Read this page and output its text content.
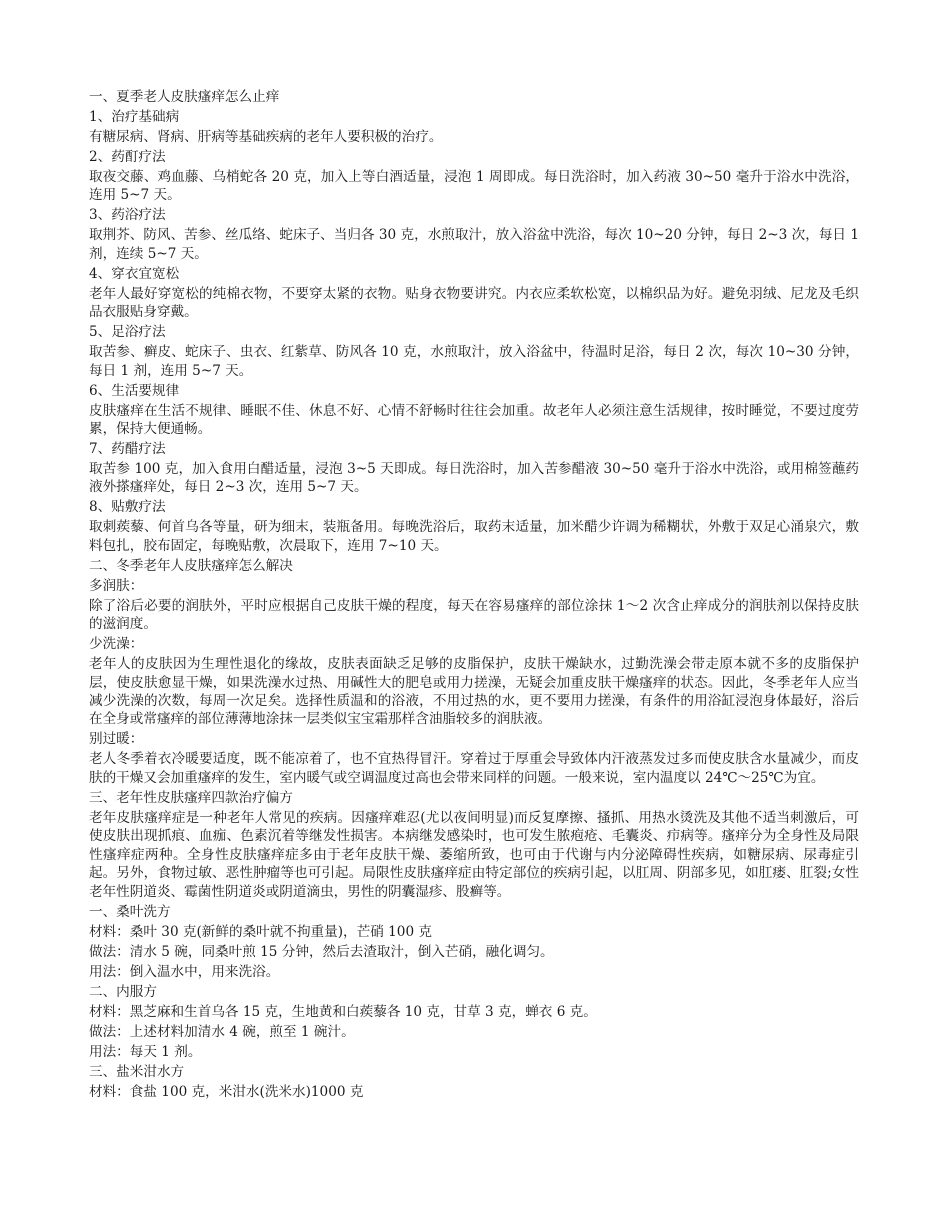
一、夏季老人皮肤瘙痒怎么止痒

1、治疗基础病

有糖尿病、肾病、肝病等基础疾病的老年人要积极的治疗。

2、药酊疗法

取夜交藤、鸡血藤、乌梢蛇各 20 克，加入上等白酒适量，浸泡 1 周即成。每日洗浴时，加入药液 30~50 毫升于浴水中洗浴，连用 5~7 天。

3、药浴疗法

取荆芥、防风、苦参、丝瓜络、蛇床子、当归各 30 克，水煎取汁，放入浴盆中洗浴，每次 10~20 分钟，每日 2~3 次，每日 1 剂，连续 5~7 天。

4、穿衣宜宽松

老年人最好穿宽松的纯棉衣物，不要穿太紧的衣物。贴身衣物要讲究。内衣应柔软松宽，以棉织品为好。避免羽绒、尼龙及毛织品衣服贴身穿戴。

5、足浴疗法

取苦参、癣皮、蛇床子、虫衣、红紫草、防风各 10 克，水煎取汁，放入浴盆中，待温时足浴，每日 2 次，每次 10~30 分钟，每日 1 剂，连用 5~7 天。

6、生活要规律

皮肤瘙痒在生活不规律、睡眠不佳、休息不好、心情不舒畅时往往会加重。故老年人必须注意生活规律，按时睡觉，不要过度劳累，保持大便通畅。

7、药醋疗法

取苦参 100 克，加入食用白醋适量，浸泡 3~5 天即成。每日洗浴时，加入苦参醋液 30~50 毫升于浴水中洗浴，或用棉签蘸药液外搽瘙痒处，每日 2~3 次，连用 5~7 天。

8、贴敷疗法

取刺蒺藜、何首乌各等量，研为细末，装瓶备用。每晚洗浴后，取药末适量，加米醋少许调为稀糊状，外敷于双足心涌泉穴，敷料包扎，胶布固定，每晚贴敷，次晨取下，连用 7~10 天。

二、冬季老年人皮肤瘙痒怎么解决

多润肤：

除了浴后必要的润肤外，平时应根据自己皮肤干燥的程度，每天在容易瘙痒的部位涂抹 1～2 次含止痒成分的润肤剂以保持皮肤的滋润度。

少洗澡：

老年人的皮肤因为生理性退化的缘故，皮肤表面缺乏足够的皮脂保护，皮肤干燥缺水，过勤洗澡会带走原本就不多的皮脂保护层，使皮肤愈显干燥，如果洗澡水过热、用碱性大的肥皂或用力搓澡，无疑会加重皮肤干燥瘙痒的状态。因此，冬季老年人应当减少洗澡的次数，每周一次足矣。选择性质温和的浴液，不用过热的水，更不要用力搓澡，有条件的用浴缸浸泡身体最好，浴后在全身或常瘙痒的部位薄薄地涂抹一层类似宝宝霜那样含油脂较多的润肤液。

别过暖：

老人冬季着衣冷暖要适度，既不能凉着了，也不宜热得冒汗。穿着过于厚重会导致体内汗液蒸发过多而使皮肤含水量减少，而皮肤的干燥又会加重瘙痒的发生，室内暖气或空调温度过高也会带来同样的问题。一般来说，室内温度以 24℃～25℃为宜。

三、老年性皮肤瘙痒四款治疗偏方

老年皮肤瘙痒症是一种老年人常见的疾病。因瘙痒难忍(尤以夜间明显)而反复摩擦、搔抓、用热水烫洗及其他不适当刺激后，可使皮肤出现抓痕、血痂、色素沉着等继发性损害。本病继发感染时，也可发生脓疱疮、毛囊炎、疖病等。瘙痒分为全身性及局限性瘙痒症两种。全身性皮肤瘙痒症多由于老年皮肤干燥、萎缩所致，也可由于代谢与内分泌障碍性疾病，如糖尿病、尿毒症引起。另外，食物过敏、恶性肿瘤等也可引起。局限性皮肤瘙痒症由特定部位的疾病引起，以肛周、阴部多见，如肛瘘、肛裂;女性老年性阴道炎、霉菌性阴道炎或阴道滴虫，男性的阴囊湿疹、股癣等。

一、桑叶洗方

材料：桑叶 30 克(新鲜的桑叶就不拘重量)，芒硝 100 克

做法：清水 5 碗，同桑叶煎 15 分钟，然后去渣取汁，倒入芒硝，融化调匀。

用法：倒入温水中，用来洗浴。

二、内服方

材料：黑芝麻和生首乌各 15 克，生地黄和白蒺藜各 10 克，甘草 3 克，蝉衣 6 克。

做法：上述材料加清水 4 碗，煎至 1 碗汁。

用法：每天 1 剂。

三、盐米泔水方

材料：食盐 100 克，米泔水(洗米水)1000 克
